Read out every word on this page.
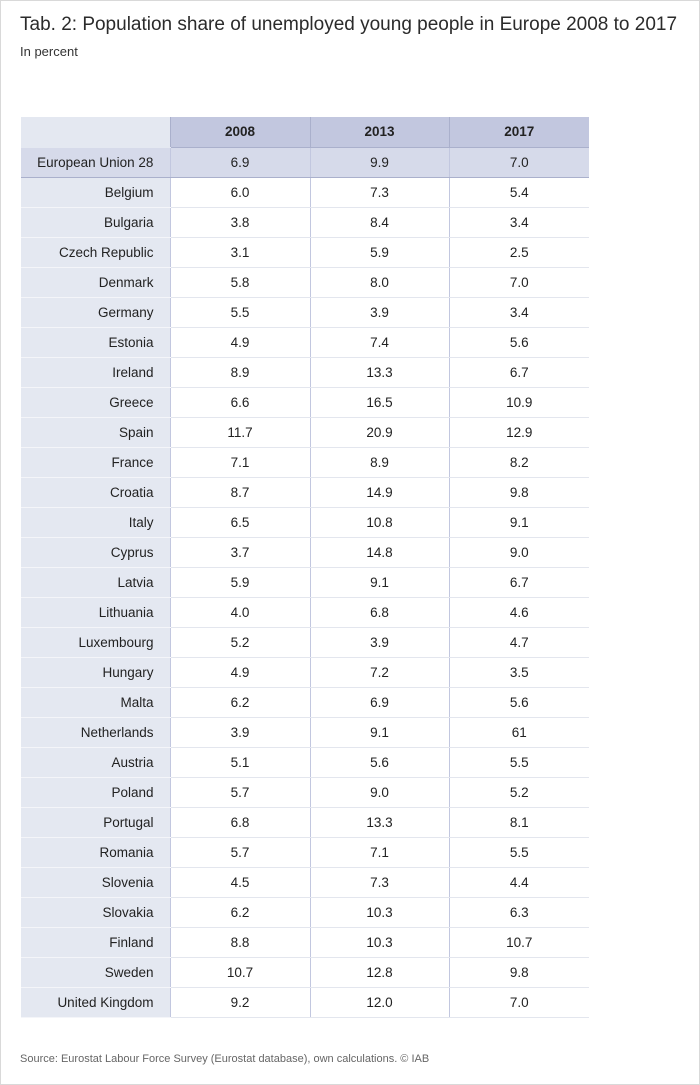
Tab. 2: Population share of unemployed young people in Europe 2008 to 2017
In percent
	2008	2013	2017
European Union 28	6.9	9.9	7.0
Belgium	6.0	7.3	5.4
Bulgaria	3.8	8.4	3.4
Czech Republic	3.1	5.9	2.5
Denmark	5.8	8.0	7.0
Germany	5.5	3.9	3.4
Estonia	4.9	7.4	5.6
Ireland	8.9	13.3	6.7
Greece	6.6	16.5	10.9
Spain	11.7	20.9	12.9
France	7.1	8.9	8.2
Croatia	8.7	14.9	9.8
Italy	6.5	10.8	9.1
Cyprus	3.7	14.8	9.0
Latvia	5.9	9.1	6.7
Lithuania	4.0	6.8	4.6
Luxembourg	5.2	3.9	4.7
Hungary	4.9	7.2	3.5
Malta	6.2	6.9	5.6
Netherlands	3.9	9.1	61
Austria	5.1	5.6	5.5
Poland	5.7	9.0	5.2
Portugal	6.8	13.3	8.1
Romania	5.7	7.1	5.5
Slovenia	4.5	7.3	4.4
Slovakia	6.2	10.3	6.3
Finland	8.8	10.3	10.7
Sweden	10.7	12.8	9.8
United Kingdom	9.2	12.0	7.0
Source: Eurostat Labour Force Survey (Eurostat database), own calculations. © IAB
